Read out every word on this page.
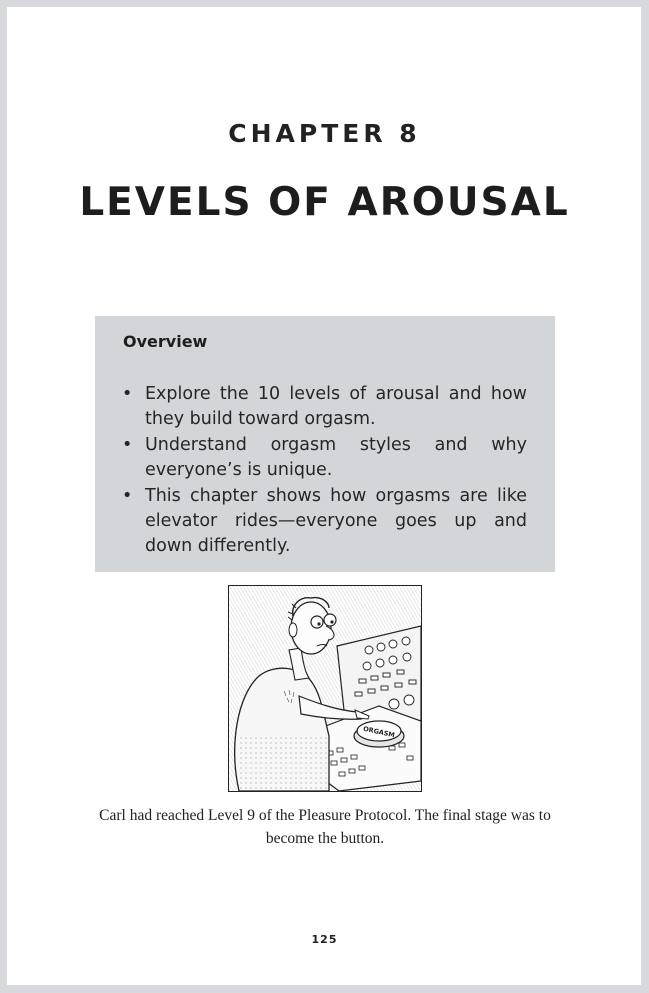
CHAPTER 8
LEVELS OF AROUSAL
Overview
• Explore the 10 levels of arousal and how they build toward orgasm.
• Understand orgasm styles and why everyone’s is unique.
• This chapter shows how orgasms are like elevator rides—everyone goes up and down differently.
ORGASM
Carl had reached Level 9 of the Pleasure Protocol. The final stage was to become the button.
125
